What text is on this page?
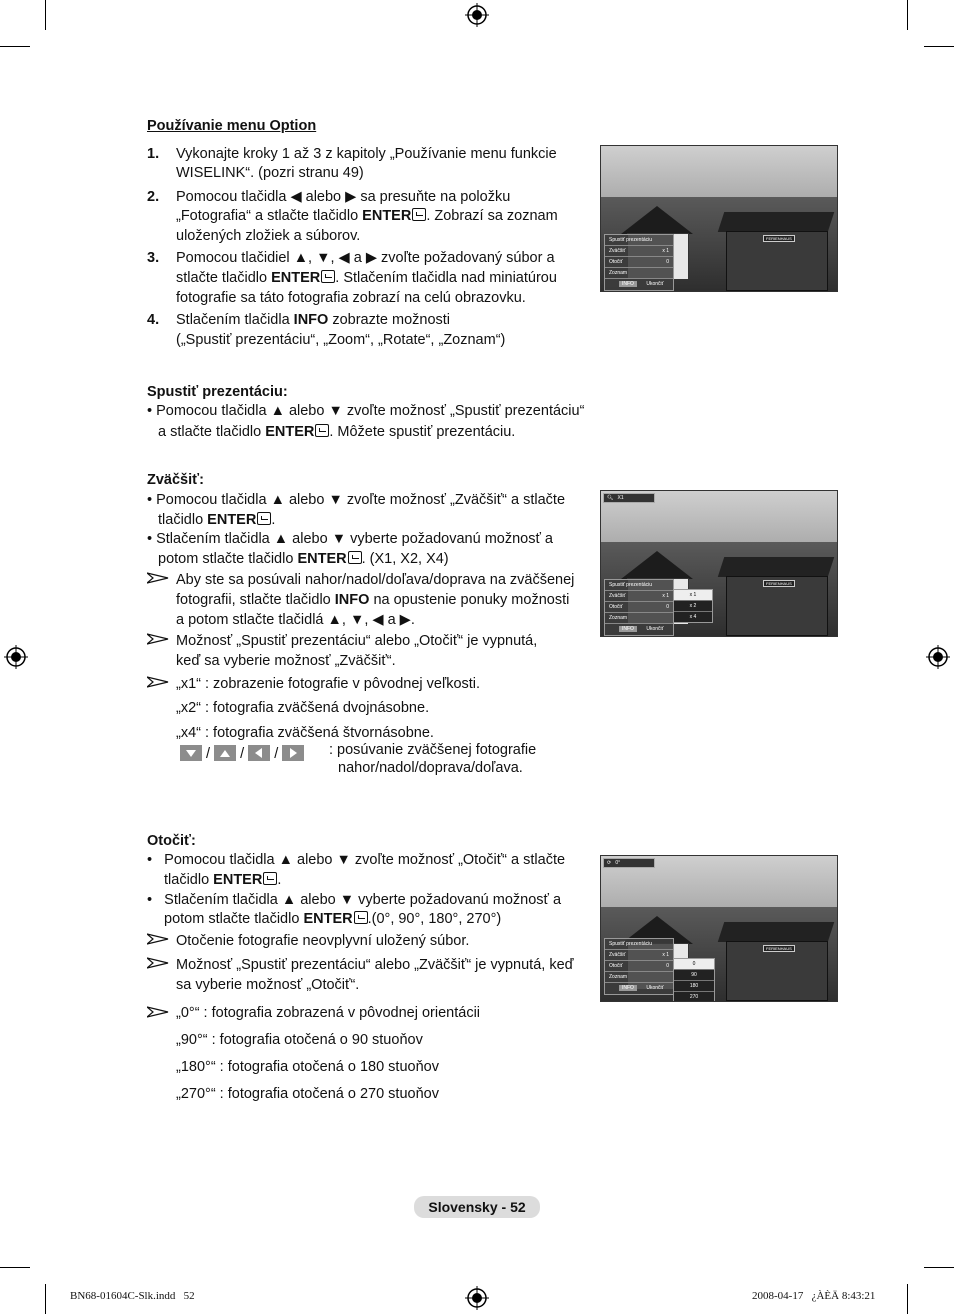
Používanie menu Option
1. Vykonajte kroky 1 až 3 z kapitoly „Používanie menu funkcie
WISELINK“. (pozri stranu 49)
2. Pomocou tlačidla ◀ alebo ▶ sa presuňte na položku
„Fotografia“ a stlačte tlačidlo ENTER . Zobrazí sa zoznam
uložených zložiek a súborov.
3. Pomocou tlačidiel ▲, ▼, ◀ a ▶ zvoľte požadovaný súbor a
stlačte tlačidlo ENTER . Stlačením tlačidla nad miniatúrou
fotografie sa táto fotografia zobrazí na celú obrazovku.
4. Stlačením tlačidla INFO zobrazte možnosti
(„Spustiť prezentáciu“, „Zoom“, „Rotate“, „Zoznam“)
Spustiť prezentáciu:
• Pomocou tlačidla ▲ alebo ▼ zvoľte možnosť „Spustiť prezentáciu“
a stlačte tlačidlo ENTER . Môžete spustiť prezentáciu.
Zväčšiť:
• Pomocou tlačidla ▲ alebo ▼ zvoľte možnosť „Zväčšiť“ a stlačte
tlačidlo ENTER .
• Stlačením tlačidla ▲ alebo ▼ vyberte požadovanú možnosť a
potom stlačte tlačidlo ENTER . (X1, X2, X4)
Aby ste sa posúvali nahor/nadol/doľava/doprava na zväčšenej
fotografii, stlačte tlačidlo INFO na opustenie ponuky možnosti
a potom stlačte tlačidlá ▲, ▼, ◀ a ▶.
Možnosť „Spustiť prezentáciu“ alebo „Otočiť“ je vypnutá,
keď sa vyberie možnosť „Zväčšiť“.
„x1“ : zobrazenie fotografie v pôvodnej veľkosti.
„x2“ : fotografia zväčšená dvojnásobne.
„x4“ : fotografia zväčšená štvornásobne.
/ / /	: posúvanie zväčšenej fotografie
nahor/nadol/doprava/doľava.
Otočiť:
•   Pomocou tlačidla ▲ alebo ▼ zvoľte možnosť „Otočiť“ a stlačte
tlačidlo ENTER .
•   Stlačením tlačidla ▲ alebo ▼ vyberte požadovanú možnosť a
potom stlačte tlačidlo ENTER .(0°, 90°, 180°, 270°)
Otočenie fotografie neovplyvní uložený súbor.
Možnosť „Spustiť prezentáciu“ alebo „Zväčšiť“ je vypnutá, keď
sa vyberie možnosť „Otočiť“.
„0°“ : fotografia zobrazená v pôvodnej orientácii
„90°“ : fotografia otočená o 90 stuoňov
„180°“ : fotografia otočená o 180 stuoňov
„270°“ : fotografia otočená o 270 stuoňov
FERIENHAUS
Spustiť prezentáciu
Zväčšiť	x 1
Otočiť	0
Zoznam
INFO Ukončiť
FERIENHAUS
🔍︎ X1
Spustiť prezentáciu
Zväčšiť	x 1
Otočiť	0
Zoznam
INFO Ukončiť
x 1
x 2
x 4
FERIENHAUS
⟳ 0°
Spustiť prezentáciu
Zväčšiť	x 1
Otočiť	0
Zoznam
INFO Ukončiť
0
90
180
270
Slovensky - 52
BN68-01604C-Slk.indd   52	2008-04-17   ¿ÀÈÄ 8:43:21
